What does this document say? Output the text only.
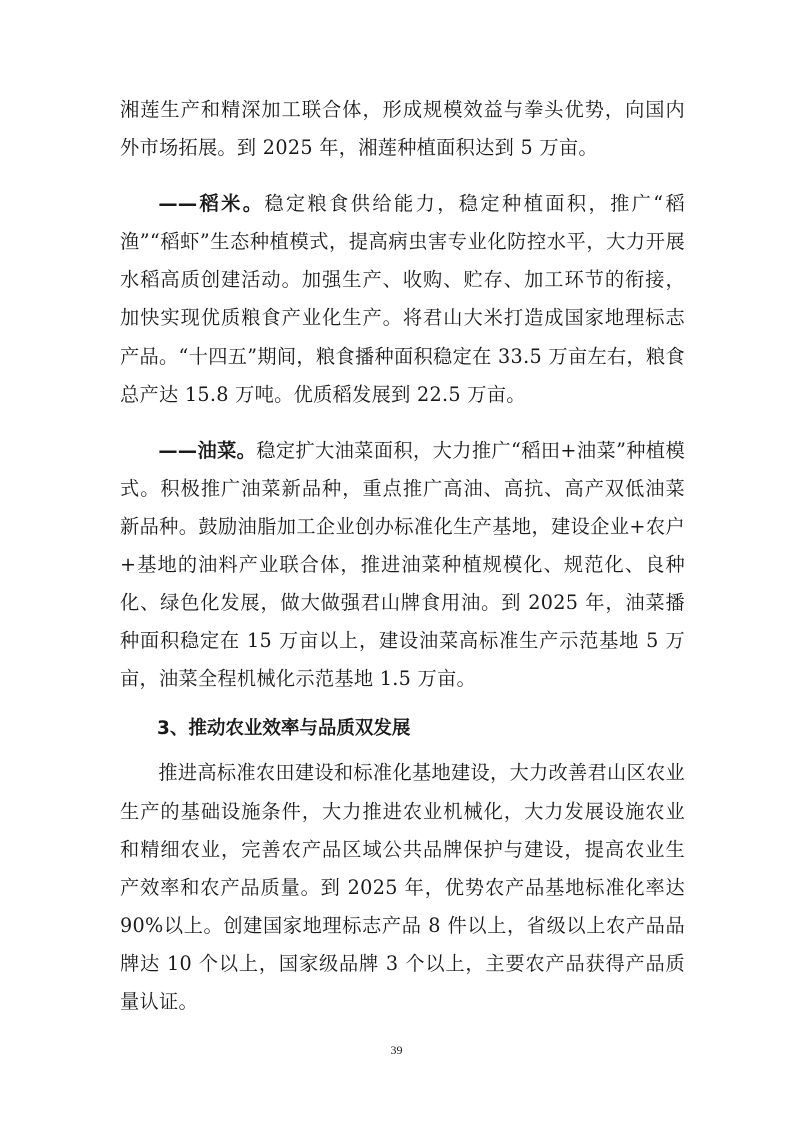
湘莲生产和精深加工联合体，形成规模效益与拳头优势，向国内外市场拓展。到 2025 年，湘莲种植面积达到 5 万亩。

——稻米。稳定粮食供给能力，稳定种植面积，推广“稻渔”“稻虾”生态种植模式，提高病虫害专业化防控水平，大力开展水稻高质创建活动。加强生产、收购、贮存、加工环节的衔接，加快实现优质粮食产业化生产。将君山大米打造成国家地理标志产品。“十四五”期间，粮食播种面积稳定在 33.5 万亩左右，粮食总产达 15.8 万吨。优质稻发展到 22.5 万亩。

——油菜。稳定扩大油菜面积，大力推广“稻田+油菜”种植模式。积极推广油菜新品种，重点推广高油、高抗、高产双低油菜新品种。鼓励油脂加工企业创办标准化生产基地，建设企业+农户+基地的油料产业联合体，推进油菜种植规模化、规范化、良种化、绿色化发展，做大做强君山牌食用油。到 2025 年，油菜播种面积稳定在 15 万亩以上，建设油菜高标准生产示范基地 5 万亩，油菜全程机械化示范基地 1.5 万亩。

3、推动农业效率与品质双发展

推进高标准农田建设和标准化基地建设，大力改善君山区农业生产的基础设施条件，大力推进农业机械化，大力发展设施农业和精细农业，完善农产品区域公共品牌保护与建设，提高农业生产效率和农产品质量。到 2025 年，优势农产品基地标准化率达 90%以上。创建国家地理标志产品 8 件以上，省级以上农产品品牌达 10 个以上，国家级品牌 3 个以上，主要农产品获得产品质量认证。

39
